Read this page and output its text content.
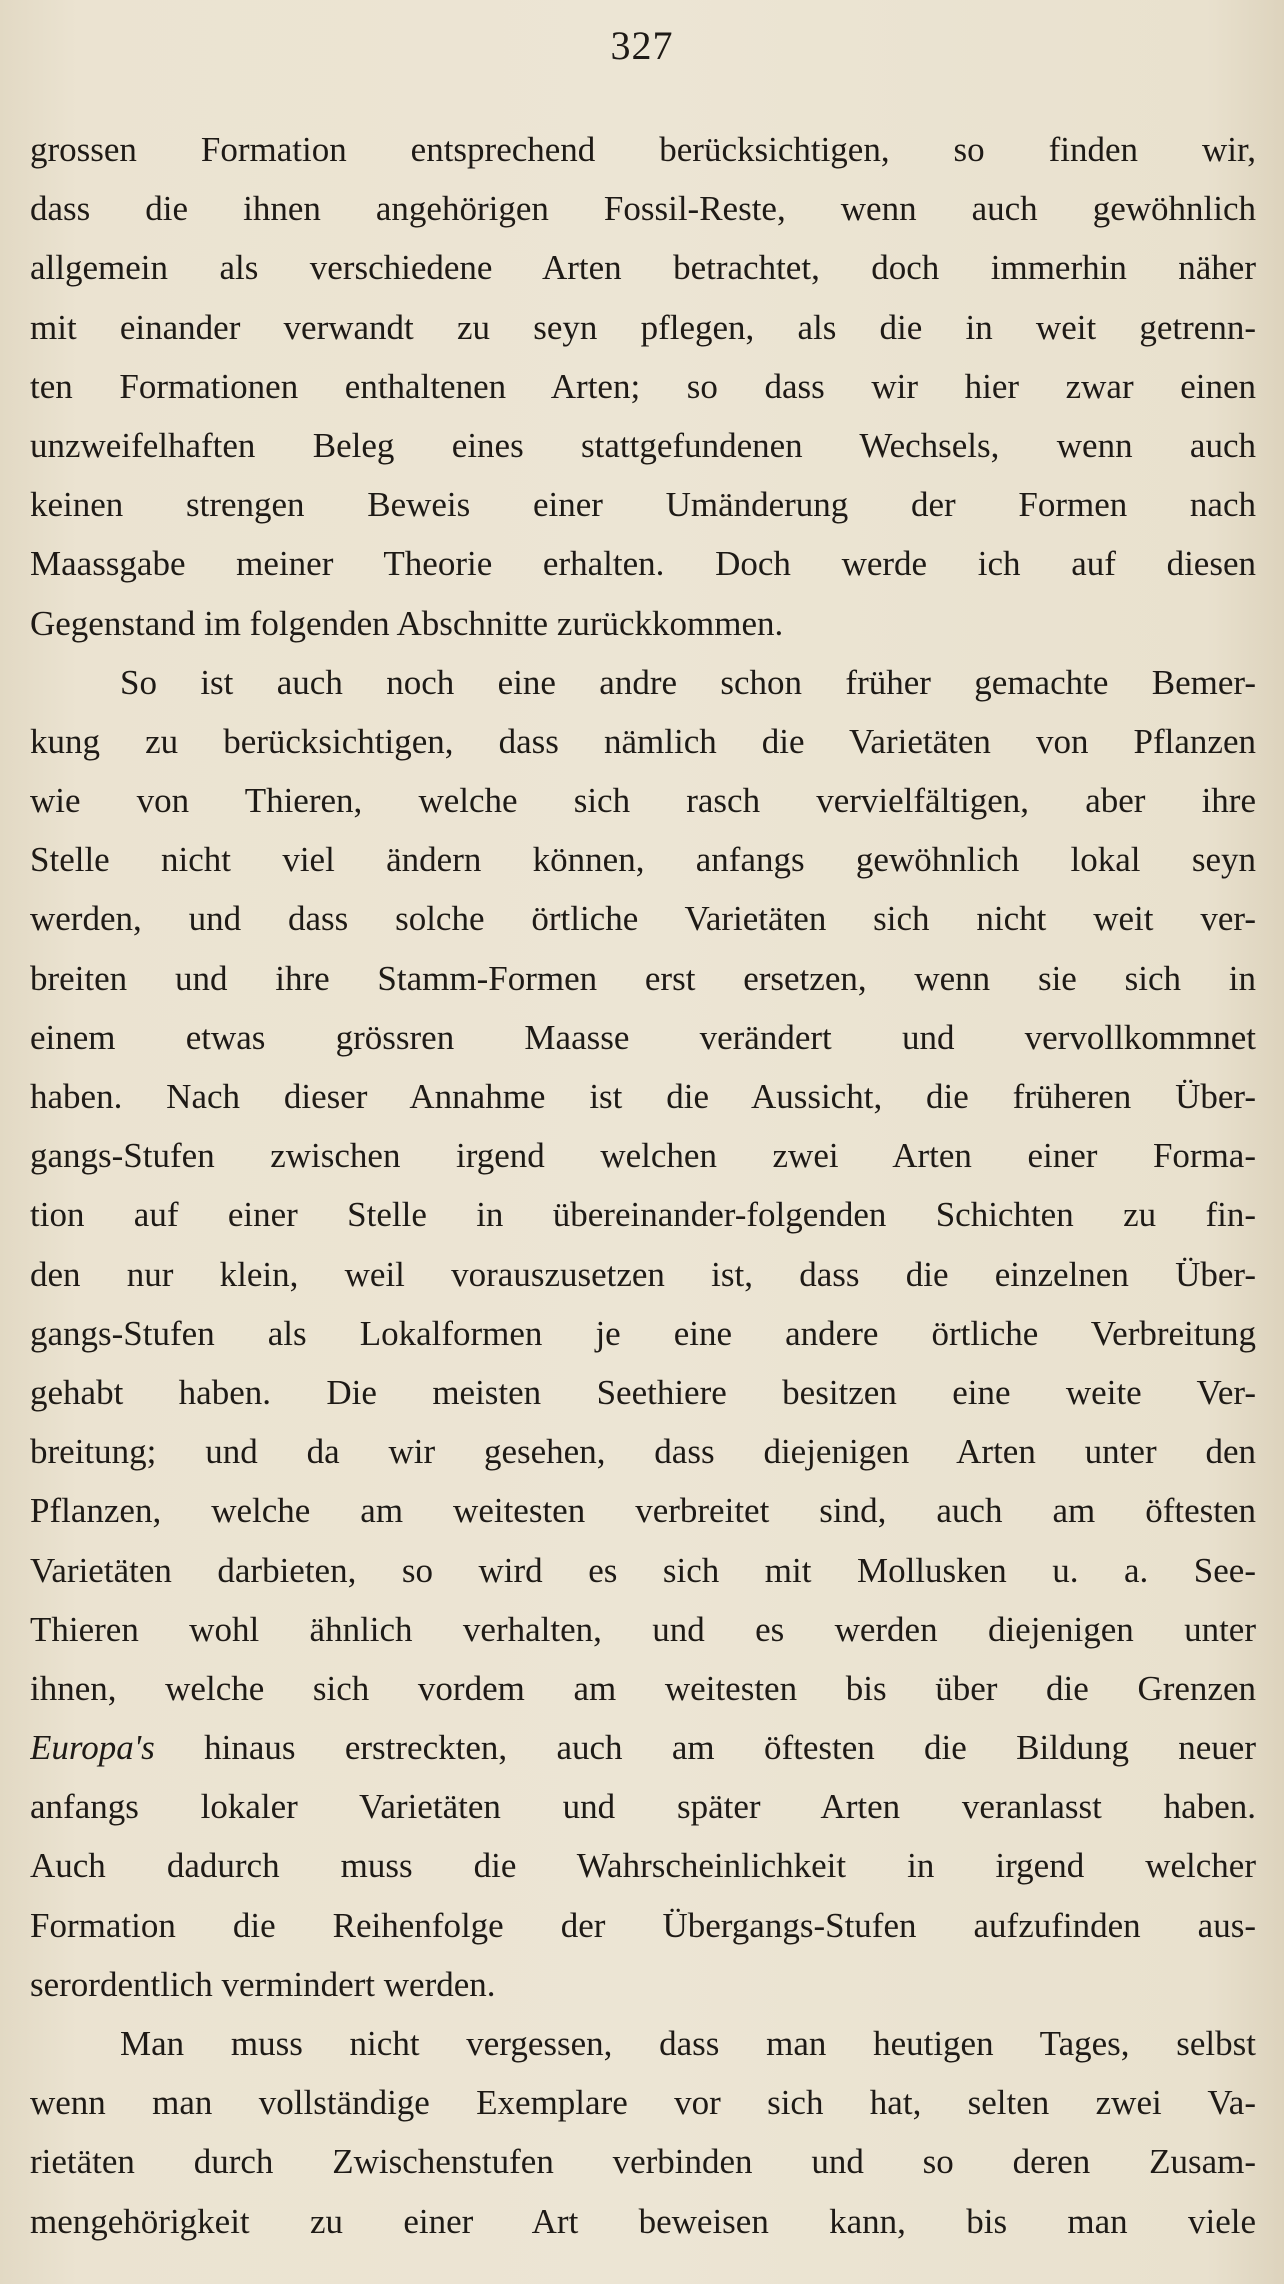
327
grossen Formation entsprechend berücksichtigen, so finden wir,
dass die ihnen angehörigen Fossil-Reste, wenn auch gewöhnlich
allgemein als verschiedene Arten betrachtet, doch immerhin näher
mit einander verwandt zu seyn pflegen, als die in weit getrenn-
ten Formationen enthaltenen Arten; so dass wir hier zwar einen
unzweifelhaften Beleg eines stattgefundenen Wechsels, wenn auch
keinen strengen Beweis einer Umänderung der Formen nach
Maassgabe meiner Theorie erhalten. Doch werde ich auf diesen
Gegenstand im folgenden Abschnitte zurückkommen.
So ist auch noch eine andre schon früher gemachte Bemer-
kung zu berücksichtigen, dass nämlich die Varietäten von Pflanzen
wie von Thieren, welche sich rasch vervielfältigen, aber ihre
Stelle nicht viel ändern können, anfangs gewöhnlich lokal seyn
werden, und dass solche örtliche Varietäten sich nicht weit ver-
breiten und ihre Stamm-Formen erst ersetzen, wenn sie sich in
einem etwas grössren Maasse verändert und vervollkommnet
haben. Nach dieser Annahme ist die Aussicht, die früheren Über-
gangs-Stufen zwischen irgend welchen zwei Arten einer Forma-
tion auf einer Stelle in übereinander-folgenden Schichten zu fin-
den nur klein, weil vorauszusetzen ist, dass die einzelnen Über-
gangs-Stufen als Lokalformen je eine andere örtliche Verbreitung
gehabt haben. Die meisten Seethiere besitzen eine weite Ver-
breitung; und da wir gesehen, dass diejenigen Arten unter den
Pflanzen, welche am weitesten verbreitet sind, auch am öftesten
Varietäten darbieten, so wird es sich mit Mollusken u. a. See-
Thieren wohl ähnlich verhalten, und es werden diejenigen unter
ihnen, welche sich vordem am weitesten bis über die Grenzen
Europa's hinaus erstreckten, auch am öftesten die Bildung neuer
anfangs lokaler Varietäten und später Arten veranlasst haben.
Auch dadurch muss die Wahrscheinlichkeit in irgend welcher
Formation die Reihenfolge der Übergangs-Stufen aufzufinden aus-
serordentlich vermindert werden.
Man muss nicht vergessen, dass man heutigen Tages, selbst
wenn man vollständige Exemplare vor sich hat, selten zwei Va-
rietäten durch Zwischenstufen verbinden und so deren Zusam-
mengehörigkeit zu einer Art beweisen kann, bis man viele
